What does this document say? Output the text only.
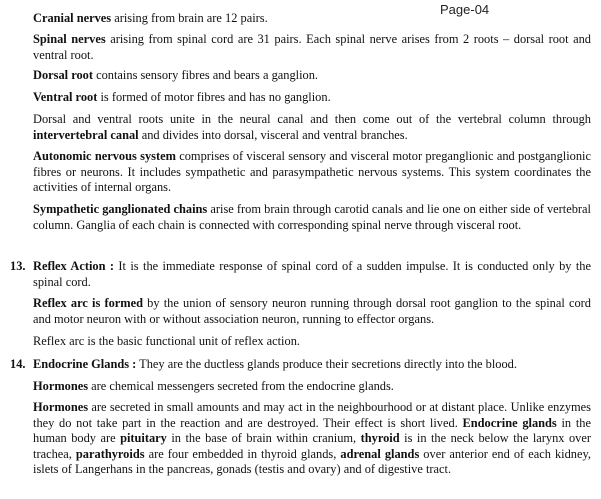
Page-04

Cranial nerves arising from brain are 12 pairs.

Spinal nerves arising from spinal cord are 31 pairs. Each spinal nerve arises from 2 roots – dorsal root and ventral root.

Dorsal root contains sensory fibres and bears a ganglion.

Ventral root is formed of motor fibres and has no ganglion.

Dorsal and ventral roots unite in the neural canal and then come out of the vertebral column through intervertebral canal and divides into dorsal, visceral and ventral branches.

Autonomic nervous system comprises of visceral sensory and visceral motor preganglionic and postganglionic fibres or neurons. It includes sympathetic and parasympathetic nervous systems. This system coordinates the activities of internal organs.

Sympathetic ganglionated chains arise from brain through carotid canals and lie one on either side of vertebral column. Ganglia of each chain is connected with corresponding spinal nerve through visceral root.

13. Reflex Action : It is the immediate response of spinal cord of a sudden impulse. It is conducted only by the spinal cord.

Reflex arc is formed by the union of sensory neuron running through dorsal root ganglion to the spinal cord and motor neuron with or without association neuron, running to effector organs.

Reflex arc is the basic functional unit of reflex action.

14. Endocrine Glands : They are the ductless glands produce their secretions directly into the blood.

Hormones are chemical messengers secreted from the endocrine glands.

Hormones are secreted in small amounts and may act in the neighbourhood or at distant place. Unlike enzymes they do not take part in the reaction and are destroyed. Their effect is short lived. Endocrine glands in the human body are pituitary in the base of brain within cranium, thyroid is in the neck below the larynx over trachea, parathyroids are four embedded in thyroid glands, adrenal glands over anterior end of each kidney, islets of Langerhans in the pancreas, gonads (testis and ovary) and of digestive tract.
